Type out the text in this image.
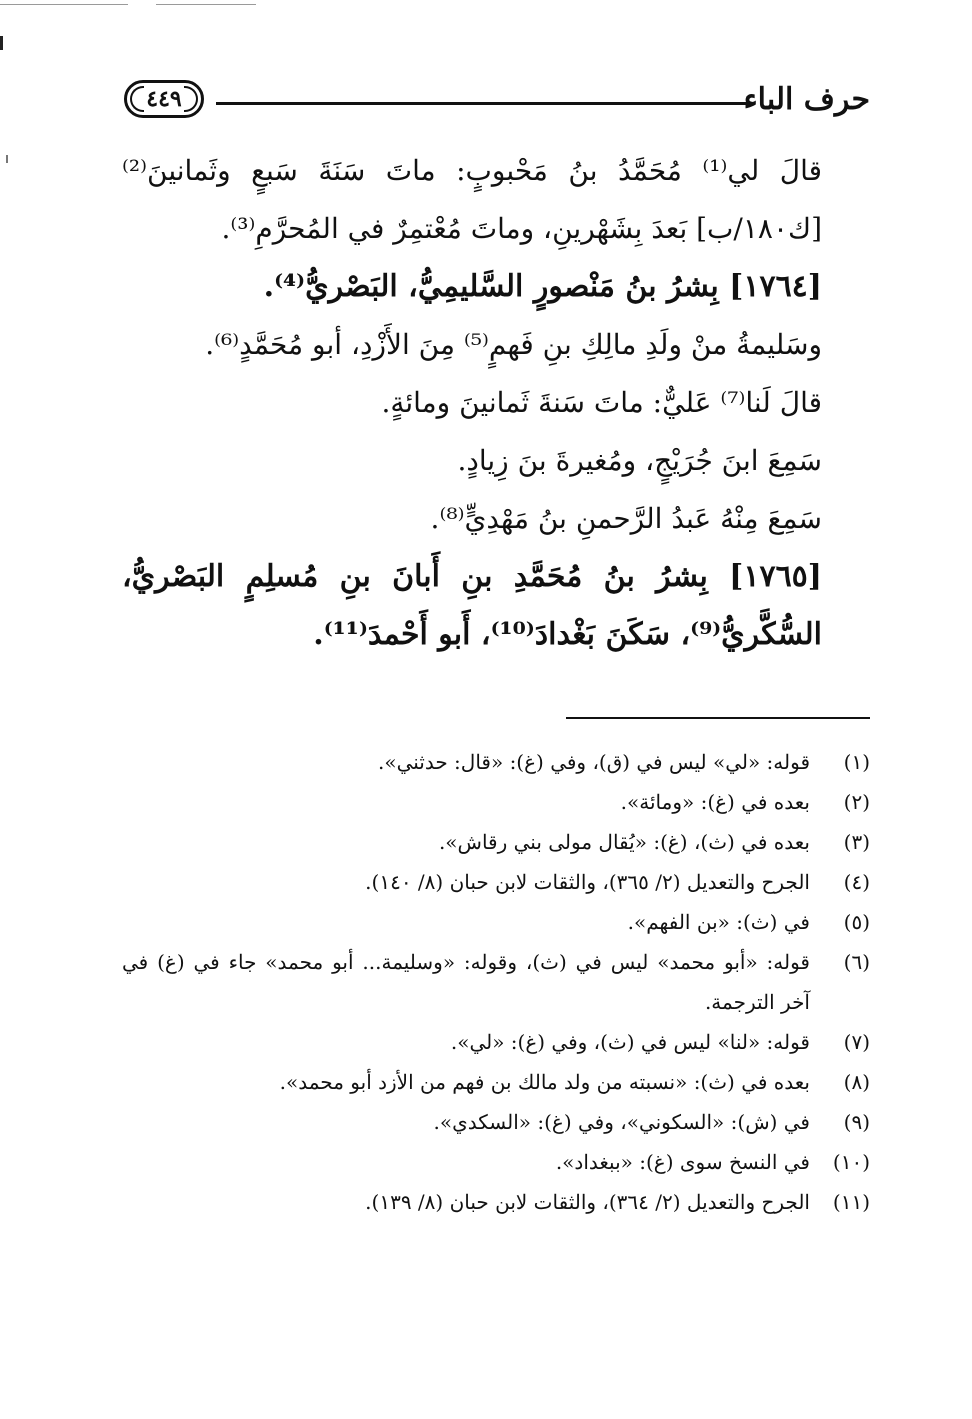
٤٤٩	حرف الباء

قالَ لي⁽¹⁾ مُحَمَّدُ بنُ مَحْبوبٍ: ماتَ سَنَةَ سَبعٍ وثَمانينَ⁽²⁾ [ك١٨٠/ب] بَعدَ بِشَهْرينِ، وماتَ مُعْتمِرٌ في المُحرَّمِ⁽³⁾.

[١٧٦٤] بِشرُ بنُ مَنْصورٍ السَّليمِيُّ، البَصْريُّ⁽⁴⁾.

وسَليمةُ منْ ولَدِ مالِكِ بنِ فَهمٍ⁽⁵⁾ مِنَ الأَزْدِ، أبو مُحَمَّدٍ⁽⁶⁾.

قالَ لَنا⁽⁷⁾ عَليٌّ: ماتَ سَنةَ ثَمانينَ ومائةٍ.

سَمِعَ ابنَ جُرَيْجٍ، ومُغيرةَ بنَ زِيادٍ.

سَمِعَ مِنْهُ عَبدُ الرَّحمنِ بنُ مَهْدِيٍّ⁽⁸⁾.

[١٧٦٥] بِشرُ بنُ مُحَمَّدِ بنِ أَبانَ بنِ مُسلِمٍ البَصْريُّ، السُّكَّريُّ⁽⁹⁾، سَكَنَ بَغْدادَ⁽¹⁰⁾، أَبو أَحْمدَ⁽¹¹⁾.

(١)
قوله: «لي» ليس في (ق)، وفي (غ): «قال: حدثني».
(٢)
بعده في (غ): «ومائة».
(٣)
بعده في (ث)، (غ): «يُقال مولى بني رقاش».
(٤)
الجرح والتعديل (٢/ ٣٦٥)، والثقات لابن حبان (٨/ ١٤٠).
(٥)
في (ث): «بن الفهم».
(٦)
قوله: «أبو محمد» ليس في (ث)، وقوله: «وسليمة... أبو محمد» جاء في (غ) في آخر الترجمة.
(٧)
قوله: «لنا» ليس في (ث)، وفي (غ): «لي».
(٨)
بعده في (ث): «نسبته من ولد مالك بن فهم من الأزد أبو محمد».
(٩)
في (ش): «السكوني»، وفي (غ): «السكدي».
(١٠)
في النسخ سوى (غ): «ببغداد».
(١١)
الجرح والتعديل (٢/ ٣٦٤)، والثقات لابن حبان (٨/ ١٣٩).
